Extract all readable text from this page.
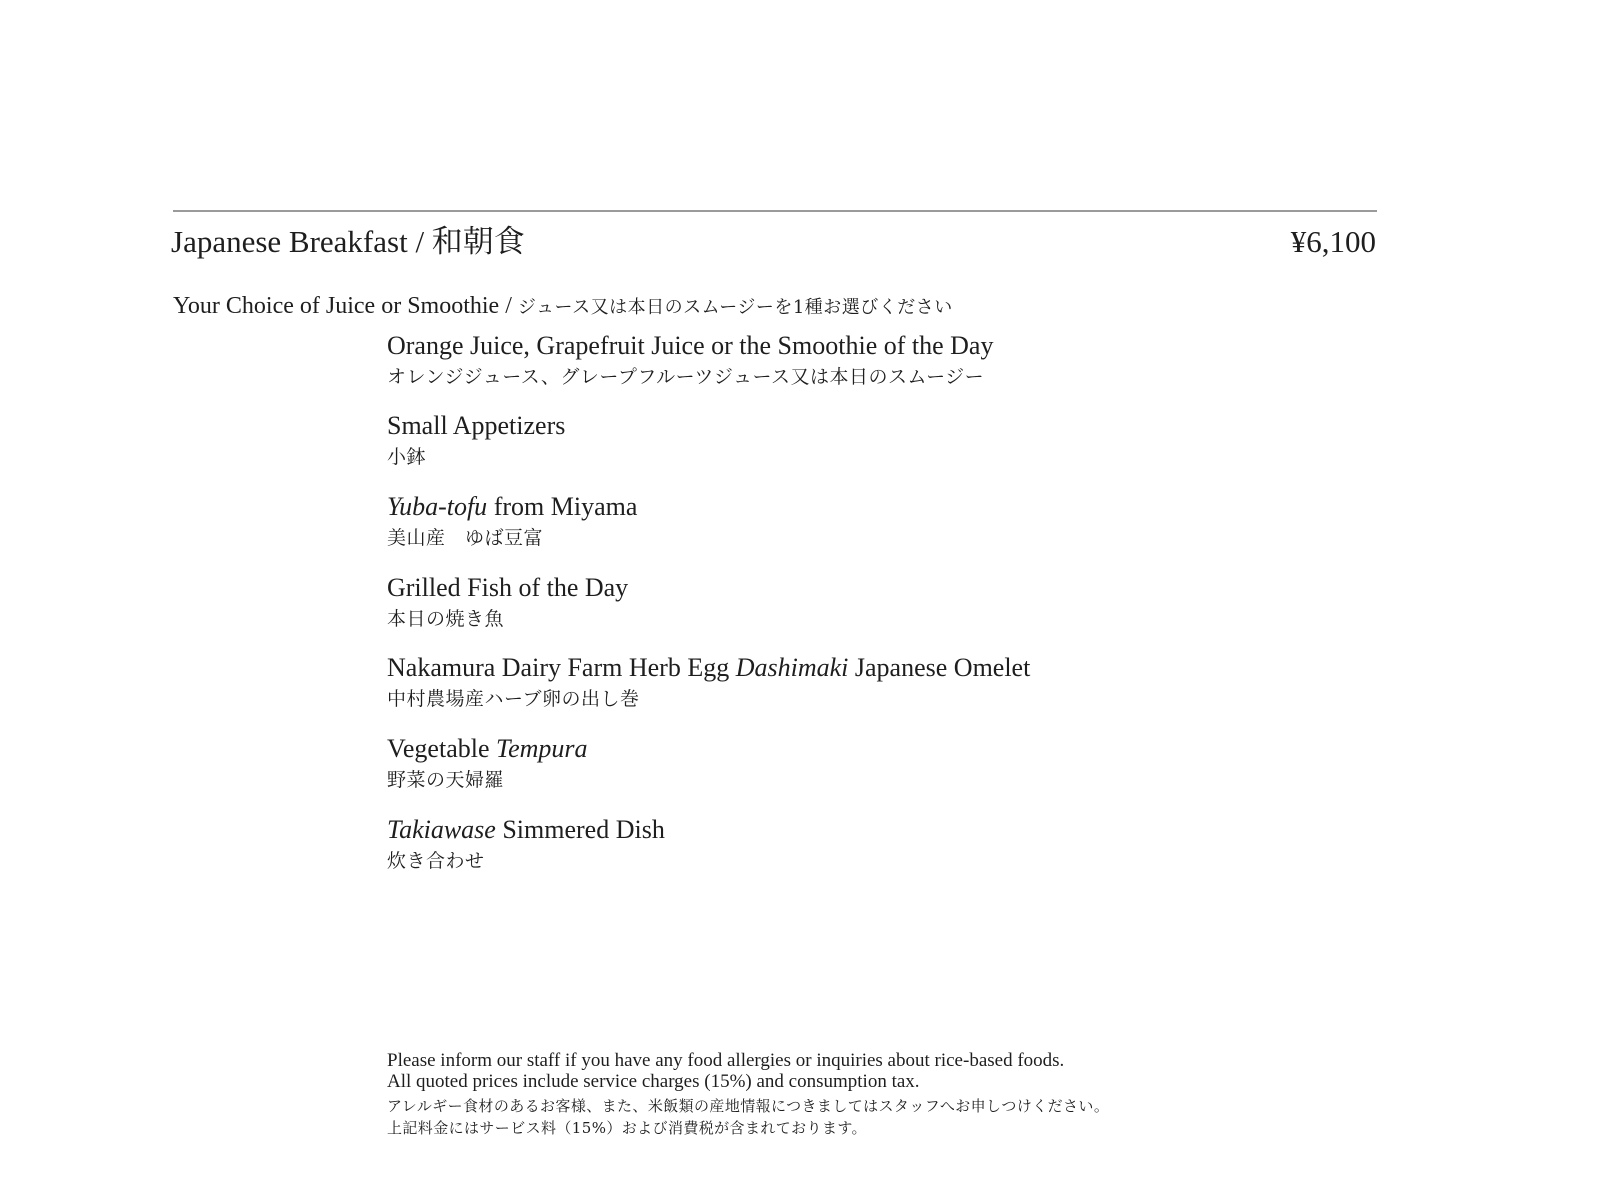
Japanese Breakfast / 和朝食	¥6,100
Your Choice of Juice or Smoothie / ジュース又は本日のスムージーを1種お選びください
Orange Juice, Grapefruit Juice or the Smoothie of the Day
オレンジジュース、グレープフルーツジュース又は本日のスムージー
Small Appetizers
小鉢
Yuba-tofu from Miyama
美山産　ゆば豆富
Grilled Fish of the Day
本日の焼き魚
Nakamura Dairy Farm Herb Egg Dashimaki Japanese Omelet
中村農場産ハーブ卵の出し巻
Vegetable Tempura
野菜の天婦羅
Takiawase Simmered Dish
炊き合わせ
Please inform our staff if you have any food allergies or inquiries about rice-based foods.
All quoted prices include service charges (15%) and consumption tax.
アレルギー食材のあるお客様、また、米飯類の産地情報につきましてはスタッフへお申しつけください。
上記料金にはサービス料（15%）および消費税が含まれております。
